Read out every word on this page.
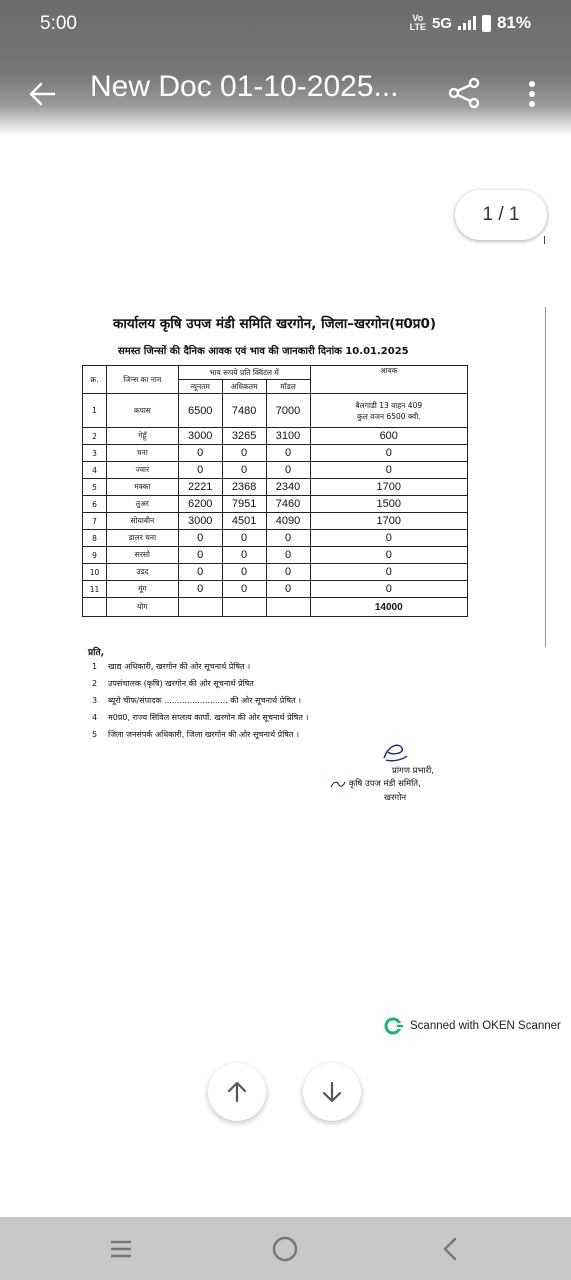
5:00	Vo
LTE 5G	81%
New Doc 01-10-2025...
1 / 1
कार्यालय कृषि उपज मंडी समिति खरगोन, जिला–खरगोन(म0प्र0)
समस्त जिन्सों की दैनिक आवक एवं भाव की जानकारी दिनांक 10.01.2025
क्र.	जिन्स का नाम	भाव रूपये प्रति क्विंटल में			आवक
		न्यूनतम	अधिकतम	मॉडल	
1	कपास	6500	7480	7000	बैलगाडी 13 वाहन 409
कुल वजन 6500 क्वी.

2	गेहूँ	3000	3265	3100	600
3	चना	0	0	0	0
4	ज्वार	0	0	0	0
5	मक्का	2221	2368	2340	1700
6	तुअर	6200	7951	7460	1500
7	सोयाबीन	3000	4501	4090	1700
8	डालर चना	0	0	0	0
9	सरसो	0	0	0	0
10	उडद	0	0	0	0
11	मूंग	0	0	0	0
	योग				14000
प्रति,
1 खाद्य अधिकारी, खरगोन की ओर सूचनार्थ प्रेषित ।
2 उपसंचालक (कृषि) खरगोन की ओर सूचनार्थ प्रेषित
3 ब्यूरो चीफ/संपादक ......................... की ओर सूचनार्थ प्रेषित ।
4 म0प्र0, राज्य सिविल सप्लाय कार्पो. खरगोन की ओर सूचनार्थ प्रेषित ।
5 जिला जनसंपर्क अधिकारी, जिला खरगोन की ओर सूचनार्थ प्रेषित ।
प्रांगण प्रभारी,
कृषि उपज मंडी समिति,
खरगोन
Scanned with OKEN Scanner
